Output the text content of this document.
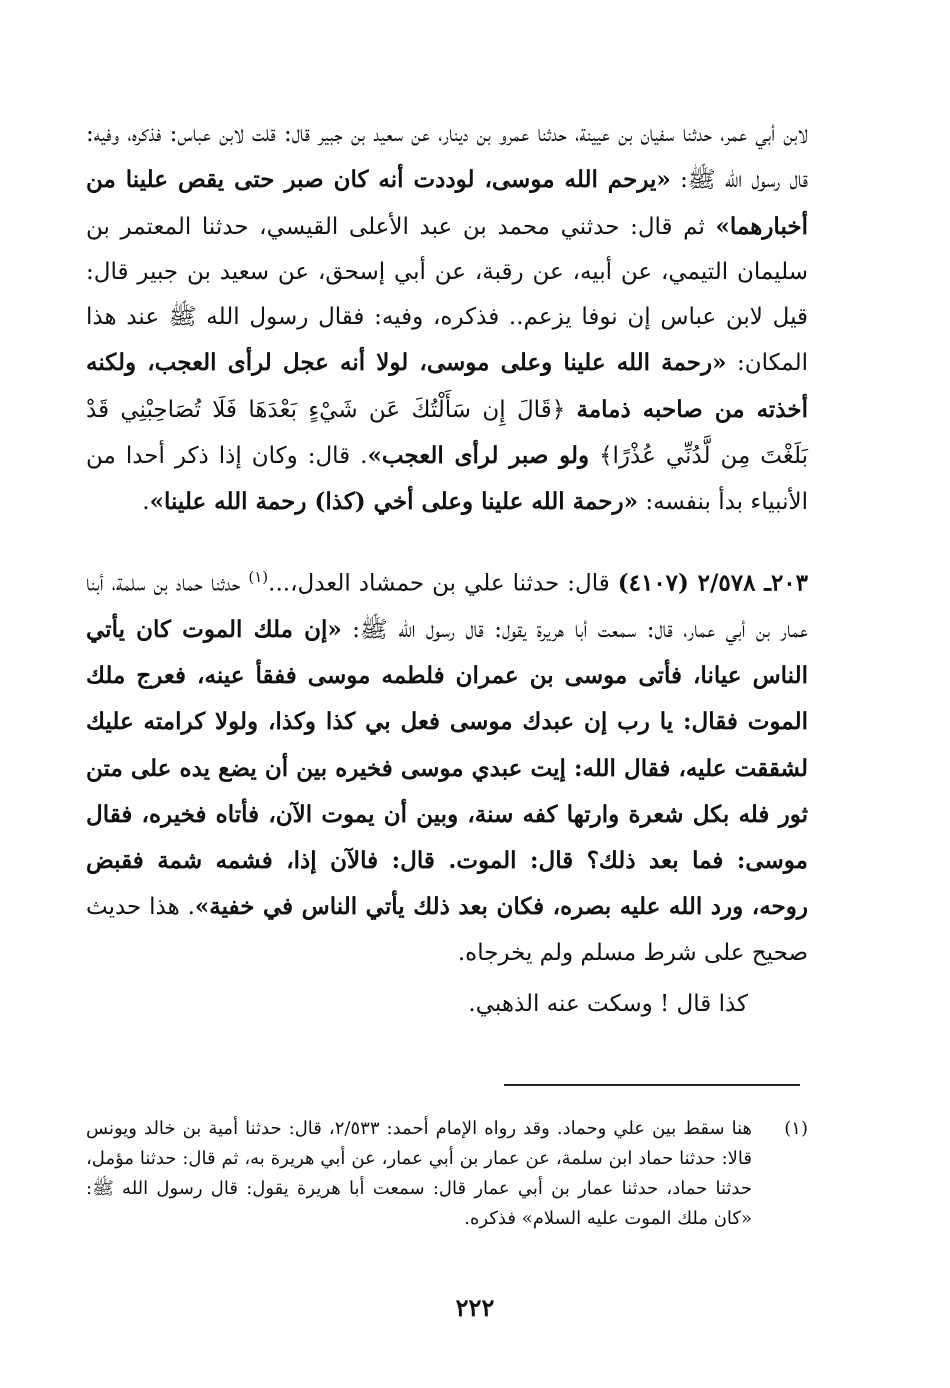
لابن أبي عمر، حدثنا سفيان بن عيينة، حدثنا عمرو بن دينار، عن سعيد بن جبير قال: قلت لابن عباس: فذكره، وفيه: قال رسول الله ﷺ: «يرحم الله موسى، لوددت أنه كان صبر حتى يقص علينا من أخبارهما» ثم قال: حدثني محمد بن عبد الأعلى القيسي، حدثنا المعتمر بن سليمان التيمي، عن أبيه، عن رقبة، عن أبي إسحق، عن سعيد بن جبير قال: قيل لابن عباس إن نوفا يزعم.. فذكره، وفيه: فقال رسول الله ﷺ عند هذا المكان: «رحمة الله علينا وعلى موسى، لولا أنه عجل لرأى العجب، ولكنه أخذته من صاحبه ذمامة ﴿قَالَ إِن سَأَلْتُكَ عَن شَيْءٍ بَعْدَهَا فَلَا تُصَاحِبْنِي قَدْ بَلَغْتَ مِن لَّدُنِّي عُذْرًا﴾ ولو صبر لرأى العجب». قال: وكان إذا ذكر أحدا من الأنبياء بدأ بنفسه: «رحمة الله علينا وعلى أخي (كذا) رحمة الله علينا».

٢٠٣ـ ٢/٥٧٨ (٤١٠٧) قال: حدثنا علي بن حمشاد العدل،...$^{(١)}$ حدثنا حماد بن سلمة، أبنا عمار بن أبي عمار، قال: سمعت أبا هريرة يقول: قال رسول الله ﷺ: «إن ملك الموت كان يأتي الناس عيانا، فأتى موسى بن عمران فلطمه موسى ففقأ عينه، فعرج ملك الموت فقال: يا رب إن عبدك موسى فعل بي كذا وكذا، ولولا كرامته عليك لشققت عليه، فقال الله: إيت عبدي موسى فخيره بين أن يضع يده على متن ثور فله بكل شعرة وارتها كفه سنة، وبين أن يموت الآن، فأتاه فخيره، فقال موسى: فما بعد ذلك؟ قال: الموت. قال: فالآن إذا، فشمه شمة فقبض روحه، ورد الله عليه بصره، فكان بعد ذلك يأتي الناس في خفية». هذا حديث صحيح على شرط مسلم ولم يخرجاه.

كذا قال ! وسكت عنه الذهبي.

(١)
هنا سقط بين علي وحماد. وقد رواه الإمام أحمد: ٢/٥٣٣، قال: حدثنا أمية بن خالد ويونس قالا: حدثنا حماد ابن سلمة، عن عمار بن أبي عمار، عن أبي هريرة به، ثم قال: حدثنا مؤمل، حدثنا حماد، حدثنا عمار بن أبي عمار قال: سمعت أبا هريرة يقول: قال رسول الله ﷺ: «كان ملك الموت عليه السلام» فذكره.
٢٢٢
